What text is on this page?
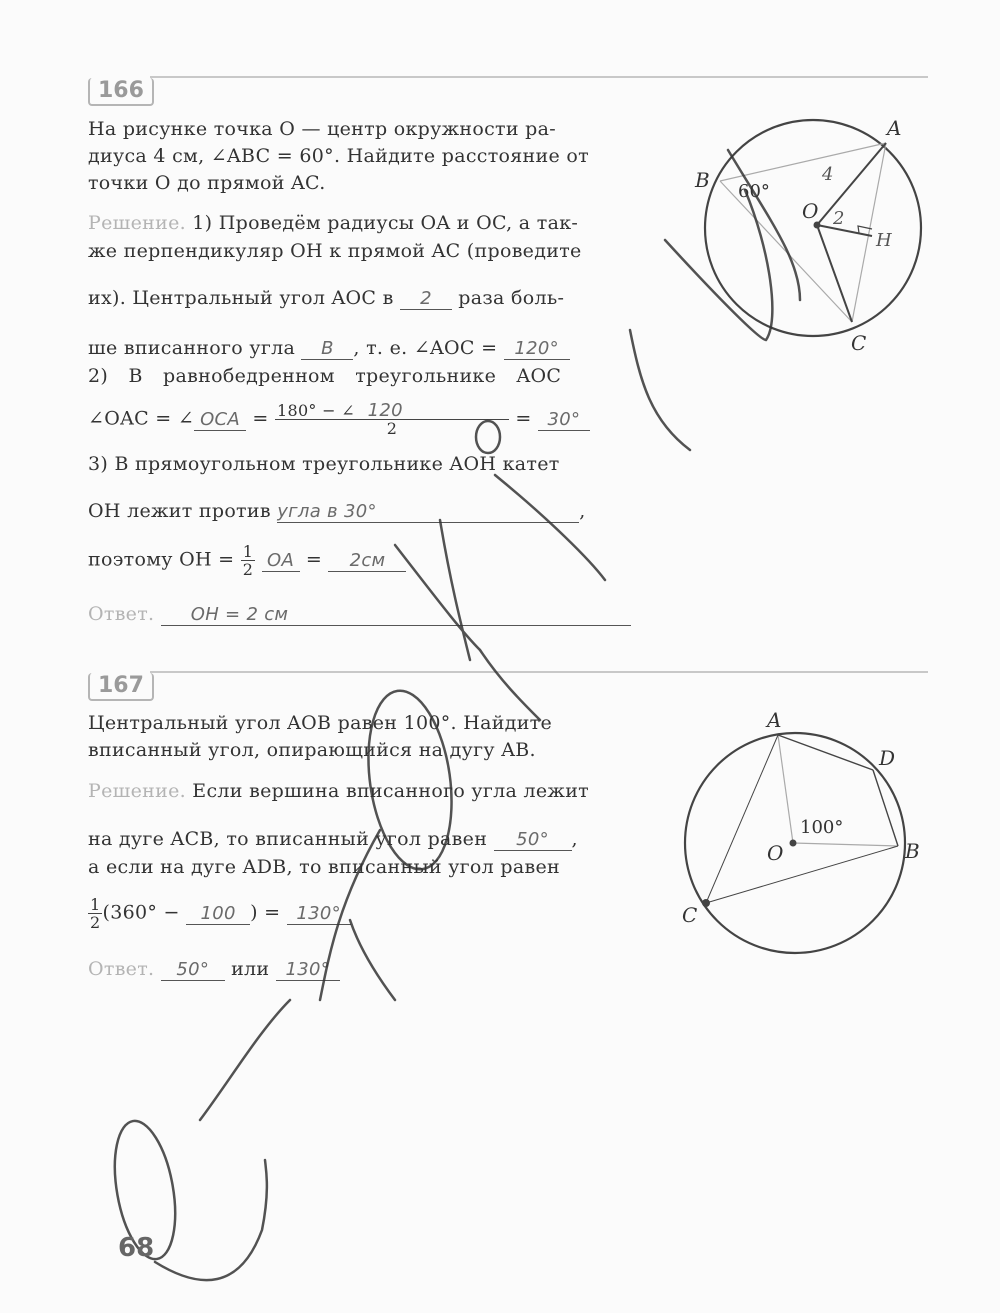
166
На рисунке точка O — центр окружности ра-
диуса 4 см, ∠ABC = 60°. Найдите расстояние от
точки O до прямой AC.
Решение. 1) Проведём радиусы OA и OC, а так-
же перпендикуляр OH к прямой AC (проведите
их). Центральный угол AOC в 2 раза боль-
ше вписанного угла B , т. е. ∠AOC = 120°
2) В равнобедренном треугольнике AOC
∠OAC = ∠ OCA = $\frac{180^\circ - \angle 120}{2} = 30^\circ$
3) В прямоугольном треугольнике AOH катет
OH лежит против угла в 30°	,
поэтому OH = $\frac{1}{2}$ OA = 2см
Ответ. OH = 2 см
167
Центральный угол AOB равен 100°. Найдите
вписанный угол, опирающийся на дугу AB.
Решение. Если вершина вписанного угла лежит
на дуге ACB, то вписанный угол равен 50° ,
а если на дуге ADB, то вписанный угол равен
$\frac{1}{2} (360^\circ - 100$ ) = 130°
Ответ. 50° или 130°
A
B
C
O
60°
H
4
2
A
D
B
C
O
100°
68
